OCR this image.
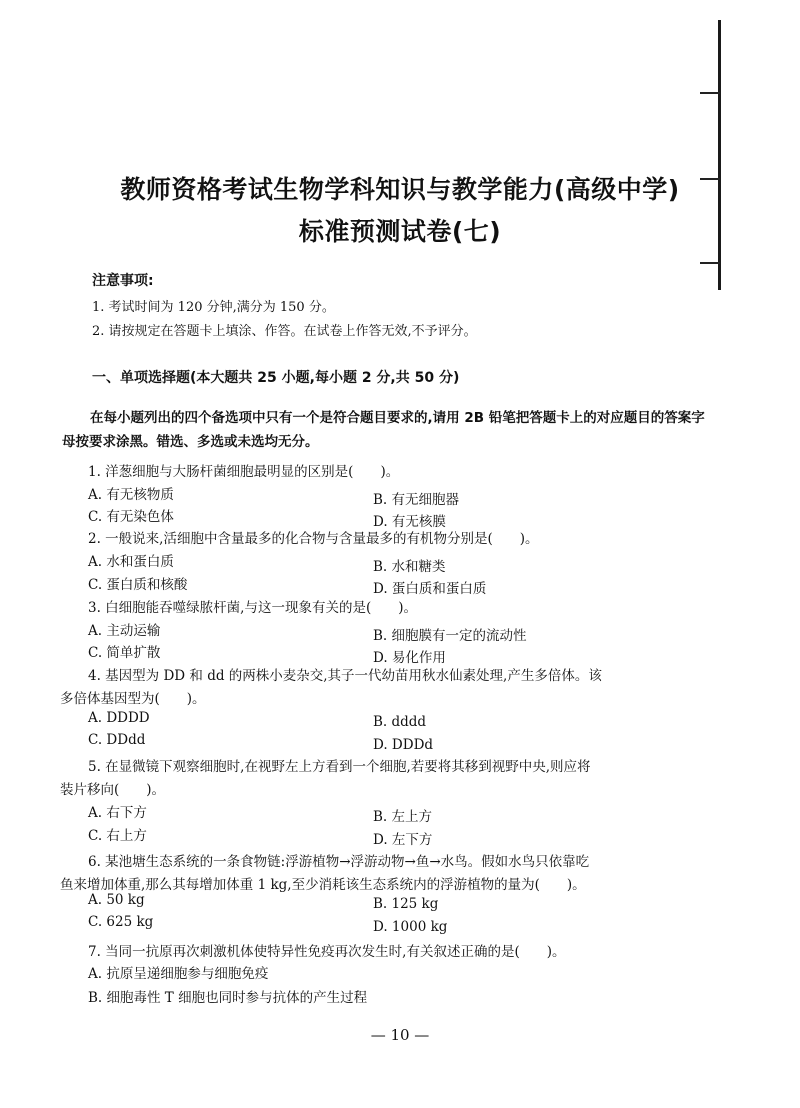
教师资格考试生物学科知识与教学能力(高级中学)
标准预测试卷(七)
注意事项:
1. 考试时间为 120 分钟,满分为 150 分。
2. 请按规定在答题卡上填涂、作答。在试卷上作答无效,不予评分。
一、单项选择题(本大题共 25 小题,每小题 2 分,共 50 分)
在每小题列出的四个备选项中只有一个是符合题目要求的,请用 2B 铅笔把答题卡上的对应题目的答案字母按要求涂黑。错选、多选或未选均无分。
1. 洋葱细胞与大肠杆菌细胞最明显的区别是(　　)。
A. 有无核物质	B. 有无细胞器
C. 有无染色体	D. 有无核膜
2. 一般说来,活细胞中含量最多的化合物与含量最多的有机物分别是(　　)。
A. 水和蛋白质	B. 水和糖类
C. 蛋白质和核酸	D. 蛋白质和蛋白质
3. 白细胞能吞噬绿脓杆菌,与这一现象有关的是(　　)。
A. 主动运输	B. 细胞膜有一定的流动性
C. 简单扩散	D. 易化作用
4. 基因型为 DD 和 dd 的两株小麦杂交,其子一代幼苗用秋水仙素处理,产生多倍体。该
多倍体基因型为(　　)。
A. DDDD	B. dddd
C. DDdd	D. DDDd
5. 在显微镜下观察细胞时,在视野左上方看到一个细胞,若要将其移到视野中央,则应将
装片移向(　　)。
A. 右下方	B. 左上方
C. 右上方	D. 左下方
6. 某池塘生态系统的一条食物链:浮游植物→浮游动物→鱼→水鸟。假如水鸟只依靠吃
鱼来增加体重,那么其每增加体重 1 kg,至少消耗该生态系统内的浮游植物的量为(　　)。
A. 50 kg	B. 125 kg
C. 625 kg	D. 1000 kg
7. 当同一抗原再次刺激机体使特异性免疫再次发生时,有关叙述正确的是(　　)。
A. 抗原呈递细胞参与细胞免疫
B. 细胞毒性 T 细胞也同时参与抗体的产生过程
— 10 —
